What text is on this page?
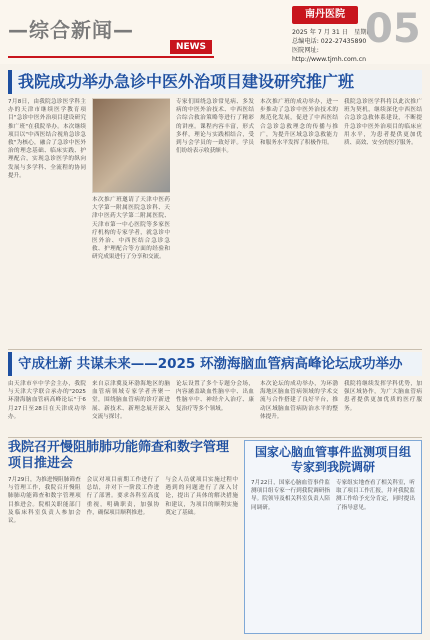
—综合新闻—
NEWS
南丹医院
2025 年 7 月 31 日　星期四
总编电话: 022-27435890
医院网址: http://www.tjmh.com.cn
05
我院成功举办急诊中医外治项目建设研究推广班
7月8日，由我院急诊医学科主办的天津市继续医学教育项目"急诊中医外治项目建设研究推广班"在我院举办。本次继续项目以"中西医结合视角急诊急救"为核心，融合了急诊中医外治的理念基础、临床实践、护理配合，实现急诊医学的纵向发展与多学科、全流程的协同提升。
本次推广班邀请了天津中医药大学第一附属医院急诊科、天津中医药大学第二附属医院、天津市第一中心医院等多家医疗机构的专家学者，就急诊中医外治、中西医结合急诊急救、护理配合等方面的经验和研究成果进行了分享和交流。
专家们围绕急诊常见病、多发病的中医外治技术、中西医结合综合救治策略等进行了精彩的讲座。课程内容丰富，形式多样，理论与实践相结合，受到与会学员的一致好评。学员们纷纷表示收获颇丰。
本次推广班的成功举办，进一步推动了急诊中医外治技术的规范化发展，促进了中西医结合急诊急救理念的传播与推广，为提升区域急诊急救能力和服务水平发挥了积极作用。
我院急诊医学科将以此次推广班为契机，继续深化中西医结合急诊急救体系建设，不断提升急诊中医外治项目的临床应用水平，为患者提供更加优质、高效、安全的医疗服务。
守成杜新 共谋未来——2025 环渤海脑血管病高峰论坛成功举办
由天津市卒中学会主办，我院与天津大学联合承办的"2025环渤海脑血管病高峰论坛"于6月27日至28日在天津成功举办。
来自京津冀及环渤海地区的脑血管病领域专家学者齐聚一堂，围绕脑血管病的诊疗新进展、新技术、新理念展开深入交流与探讨。
论坛设置了多个专题分会场，内容涵盖缺血性脑卒中、出血性脑卒中、神经介入治疗、康复治疗等多个领域。
本次论坛的成功举办，为环渤海地区脑血管病领域的学术交流与合作搭建了良好平台，推动区域脑血管病防治水平的整体提升。
我院将继续发挥学科优势，加强区域协作，为广大脑血管病患者提供更加优质的医疗服务。
我院召开慢阻肺肺功能筛查和数字管理项目推进会
7月29日，为推进慢阻肺筛查与管理工作，我院召开慢阻肺肺功能筛查和数字管理项目推进会。院相关职能部门及临床科室负责人参加会议。
会议对项目前期工作进行了总结，并对下一阶段工作进行了部署。要求各科室高度重视，明确职责，加强协作，确保项目顺利推进。
与会人员就项目实施过程中遇到的问题进行了深入讨论，提出了具体的解决措施和建议，为项目的顺利实施奠定了基础。
国家心脑血管事件监测项目组专家到我院调研
7月22日，国家心脑血管事件监测项目组专家一行到我院调研指导。院领导及相关科室负责人陪同调研。
专家组实地查看了相关科室，听取了项目工作汇报，并对我院监测工作给予充分肯定，同时提出了指导意见。
